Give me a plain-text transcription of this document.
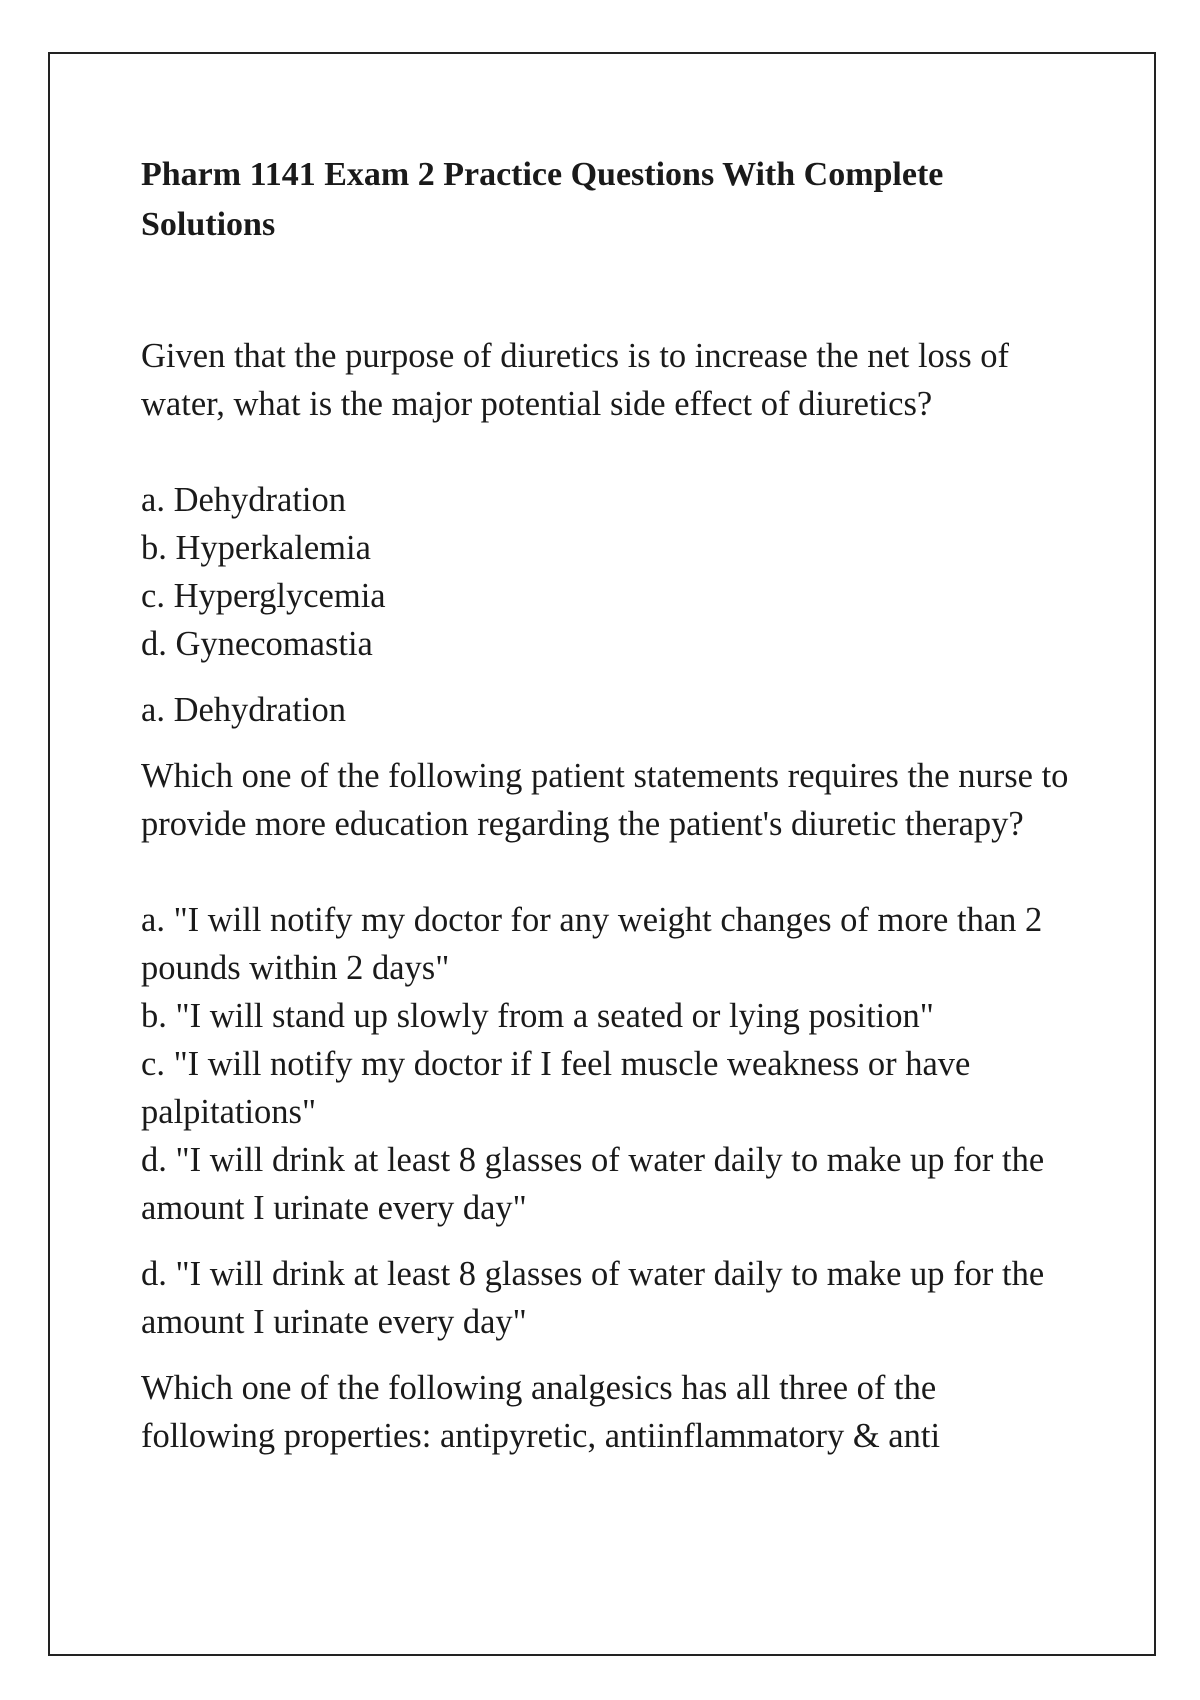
Pharm 1141 Exam 2 Practice Questions With Complete Solutions

Given that the purpose of diuretics is to increase the net loss of water, what is the major potential side effect of diuretics?

a. Dehydration
b. Hyperkalemia
c. Hyperglycemia
d. Gynecomastia

a. Dehydration

Which one of the following patient statements requires the nurse to provide more education regarding the patient's diuretic therapy?

a. "I will notify my doctor for any weight changes of more than 2 pounds within 2 days"
b. "I will stand up slowly from a seated or lying position"
c. "I will notify my doctor if I feel muscle weakness or have palpitations"
d. "I will drink at least 8 glasses of water daily to make up for the amount I urinate every day"

d. "I will drink at least 8 glasses of water daily to make up for the amount I urinate every day"

Which one of the following analgesics has all three of the following properties: antipyretic, antiinflammatory & anti
